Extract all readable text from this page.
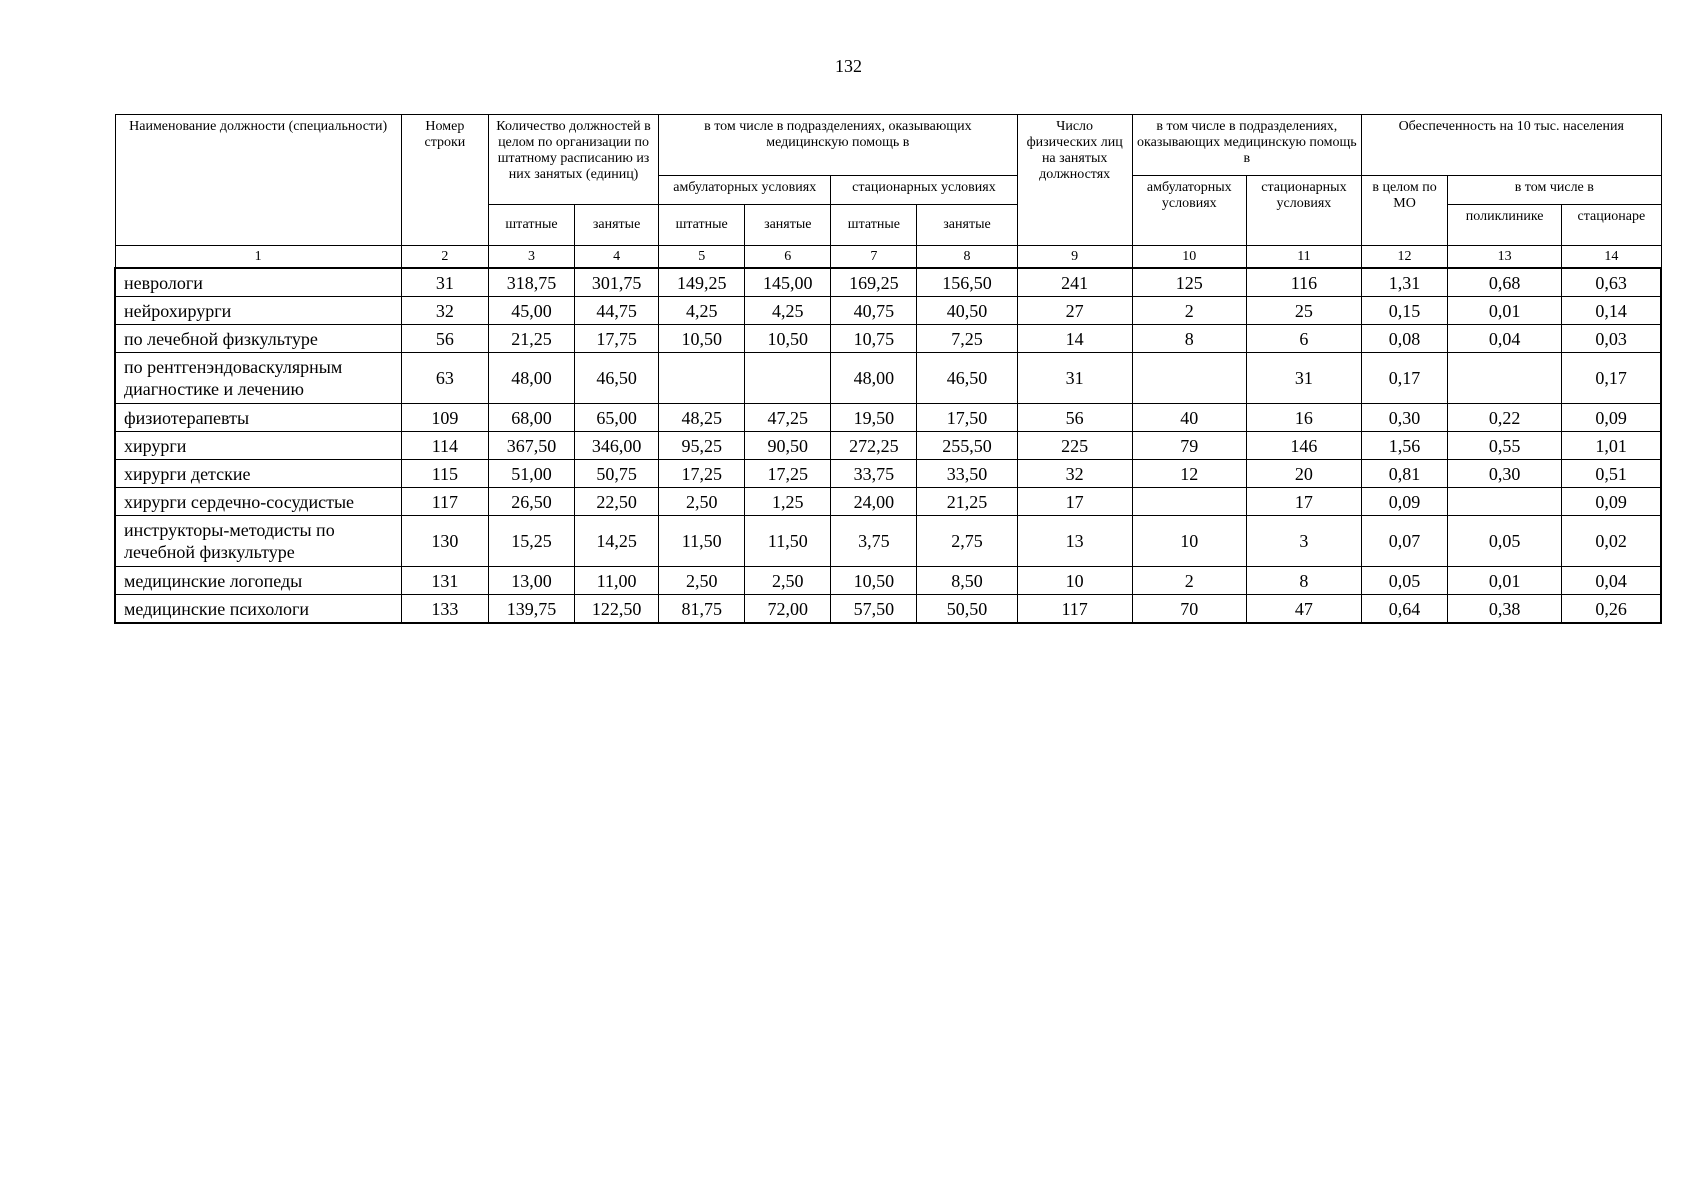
132
Наименование должности (специальности)	Номер строки	Количество должностей в целом по организации по штатному расписанию из них занятых (единиц)		в том числе в подразделениях, оказывающих медицинскую помощь в				Число физических лиц на занятых должностях	в том числе в подразделениях, оказывающих медицинскую помощь в		Обеспеченность на 10 тыс. населения		
				амбулаторных условиях		стационарных условиях			амбулаторных условиях	стационарных условиях	в целом по МО	в том числе в	
												поликлинике	стационаре
		штатные	занятые	штатные	занятые	штатные	занятые						
1	2	3	4	5	6	7	8	9	10	11	12	13	14
неврологи	31	318,75	301,75	149,25	145,00	169,25	156,50	241	125	116	1,31	0,68	0,63
нейрохирурги	32	45,00	44,75	4,25	4,25	40,75	40,50	27	2	25	0,15	0,01	0,14
по лечебной физкультуре	56	21,25	17,75	10,50	10,50	10,75	7,25	14	8	6	0,08	0,04	0,03
по рентгенэндоваскулярным диагностике и лечению	63	48,00	46,50			48,00	46,50	31		31	0,17		0,17
физиотерапевты	109	68,00	65,00	48,25	47,25	19,50	17,50	56	40	16	0,30	0,22	0,09
хирурги	114	367,50	346,00	95,25	90,50	272,25	255,50	225	79	146	1,56	0,55	1,01
хирурги детские	115	51,00	50,75	17,25	17,25	33,75	33,50	32	12	20	0,81	0,30	0,51
хирурги сердечно-сосудистые	117	26,50	22,50	2,50	1,25	24,00	21,25	17		17	0,09		0,09
инструкторы-методисты по лечебной физкультуре	130	15,25	14,25	11,50	11,50	3,75	2,75	13	10	3	0,07	0,05	0,02
медицинские логопеды	131	13,00	11,00	2,50	2,50	10,50	8,50	10	2	8	0,05	0,01	0,04
медицинские психологи	133	139,75	122,50	81,75	72,00	57,50	50,50	117	70	47	0,64	0,38	0,26
